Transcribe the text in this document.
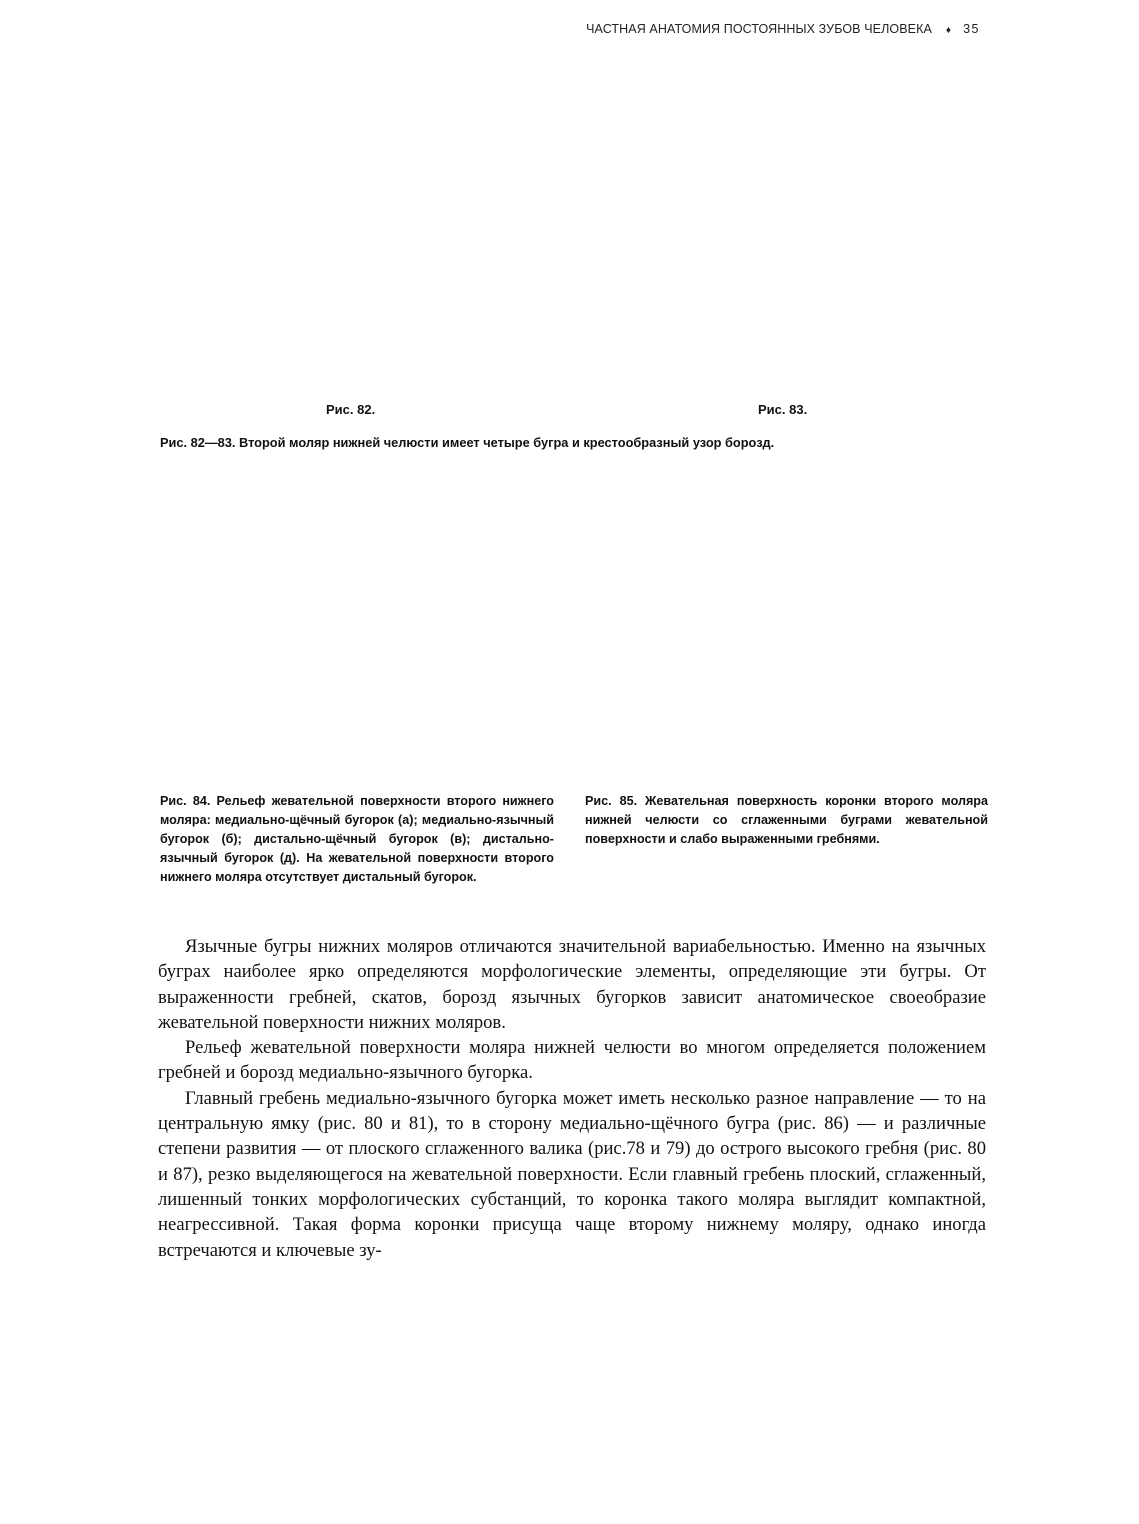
ЧАСТНАЯ АНАТОМИЯ ПОСТОЯННЫХ ЗУБОВ ЧЕЛОВЕКА ♦ 35
Рис. 82.	Рис. 83.
Рис. 82—83. Второй моляр нижней челюсти имеет четыре бугра и крестообразный узор борозд.
Рис. 84. Рельеф жевательной поверхности второго нижнего моляра: медиально-щёчный бугорок (а); медиально-язычный бугорок (б); дистально-щёчный бугорок (в); дистально-язычный бугорок (д). На жевательной поверхности второго нижнего моляра отсутствует дистальный бугорок.
Рис. 85. Жевательная поверхность коронки второго моляра нижней челюсти со сглаженными буграми жевательной поверхности и слабо выраженными гребнями.

Язычные бугры нижних моляров отличаются значительной вариабельностью. Именно на язычных буграх наиболее ярко определяются морфологические элементы, определяющие эти бугры. От выраженности гребней, скатов, борозд язычных бугорков зависит анатомическое своеобразие жевательной поверхности нижних моляров.

Рельеф жевательной поверхности моляра нижней челюсти во многом определяется положением гребней и борозд медиально-язычного бугорка.

Главный гребень медиально-язычного бугорка может иметь несколько разное направление — то на центральную ямку (рис. 80 и 81), то в сторону медиально-щёчного бугра (рис. 86) — и различные степени развития — от плоского сглаженного валика (рис.78 и 79) до острого высокого гребня (рис. 80 и 87), резко выделяющегося на жевательной поверхности. Если главный гребень плоский, сглаженный, лишенный тонких морфологических субстанций, то коронка такого моляра выглядит компактной, неагрессивной. Такая форма коронки присуща чаще второму нижнему моляру, однако иногда встречаются и ключевые зу-
